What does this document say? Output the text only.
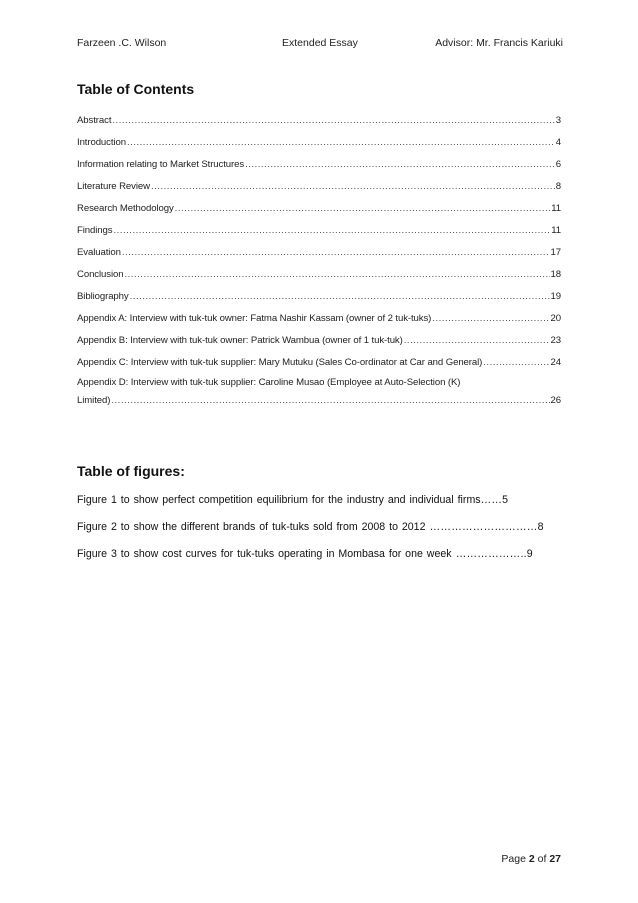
Farzeen .C. Wilson	Extended Essay	Advisor: Mr. Francis Kariuki
Table of Contents
Abstract .....	3
Introduction .....	4
Information relating to Market Structures .....	6
Literature Review .....	8
Research Methodology .....	11
Findings .....	11
Evaluation .....	17
Conclusion .....	18
Bibliography .....	19
Appendix A: Interview with tuk-tuk owner: Fatma Nashir Kassam (owner of 2 tuk-tuks) .....	20
Appendix B: Interview with tuk-tuk owner: Patrick Wambua (owner of 1 tuk-tuk) .....	23
Appendix C: Interview with tuk-tuk supplier: Mary Mutuku (Sales Co-ordinator at Car and General) .....	24
Appendix D: Interview with tuk-tuk supplier: Caroline Musao (Employee at Auto-Selection (K)
Limited) .....	26
Table of figures:
Figure 1 to show perfect competition equilibrium for the industry and individual firms……5
Figure 2 to show the different brands of tuk-tuks sold from 2008 to 2012 …………………………8
Figure 3 to show cost curves for tuk-tuks operating in Mombasa for one week ………………..9
Page 2 of 27
